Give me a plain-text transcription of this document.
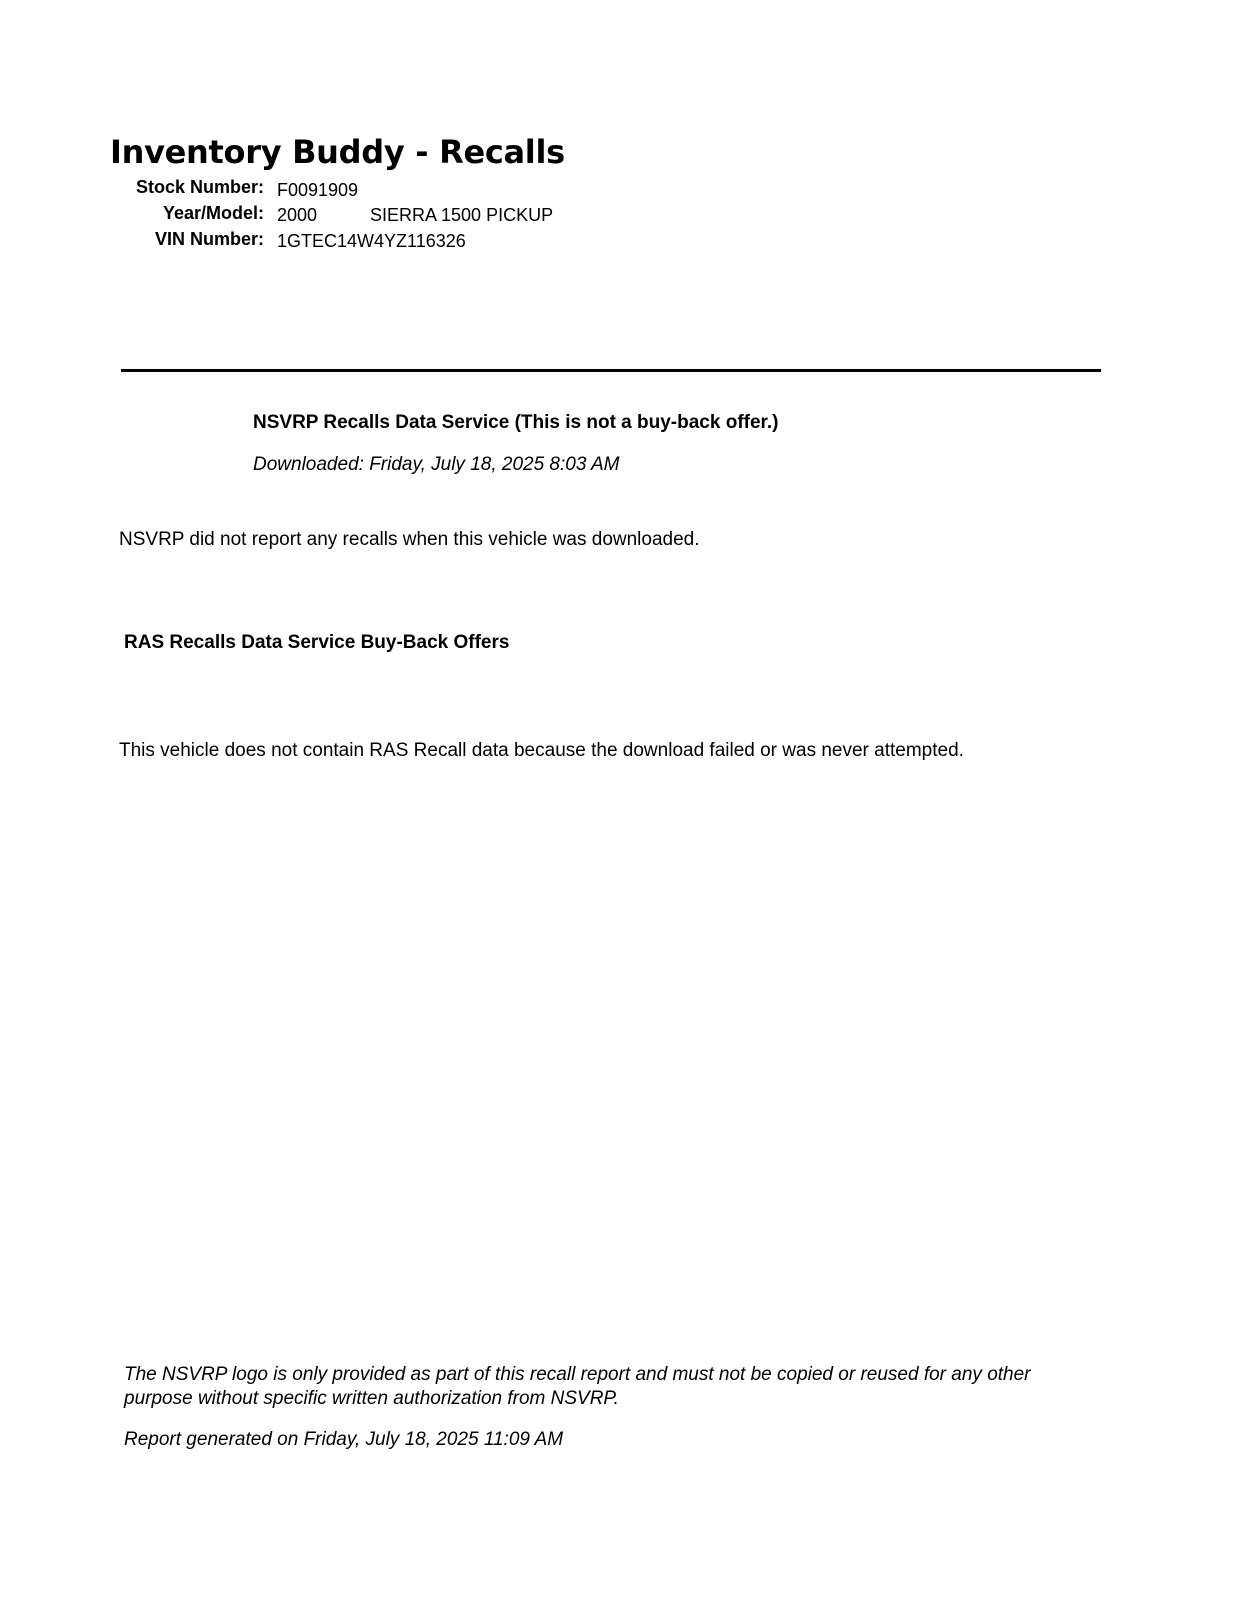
Inventory Buddy - Recalls
Stock Number: F0091909
Year/Model: 2000	SIERRA 1500 PICKUP
VIN Number: 1GTEC14W4YZ116326
NSVRP Recalls Data Service (This is not a buy-back offer.)
Downloaded: Friday, July 18, 2025 8:03 AM
NSVRP did not report any recalls when this vehicle was downloaded.
RAS Recalls Data Service Buy-Back Offers
This vehicle does not contain RAS Recall data because the download failed or was never attempted.
The NSVRP logo is only provided as part of this recall report and must not be copied or reused for any other purpose without specific written authorization from NSVRP.
Report generated on Friday, July 18, 2025 11:09 AM
